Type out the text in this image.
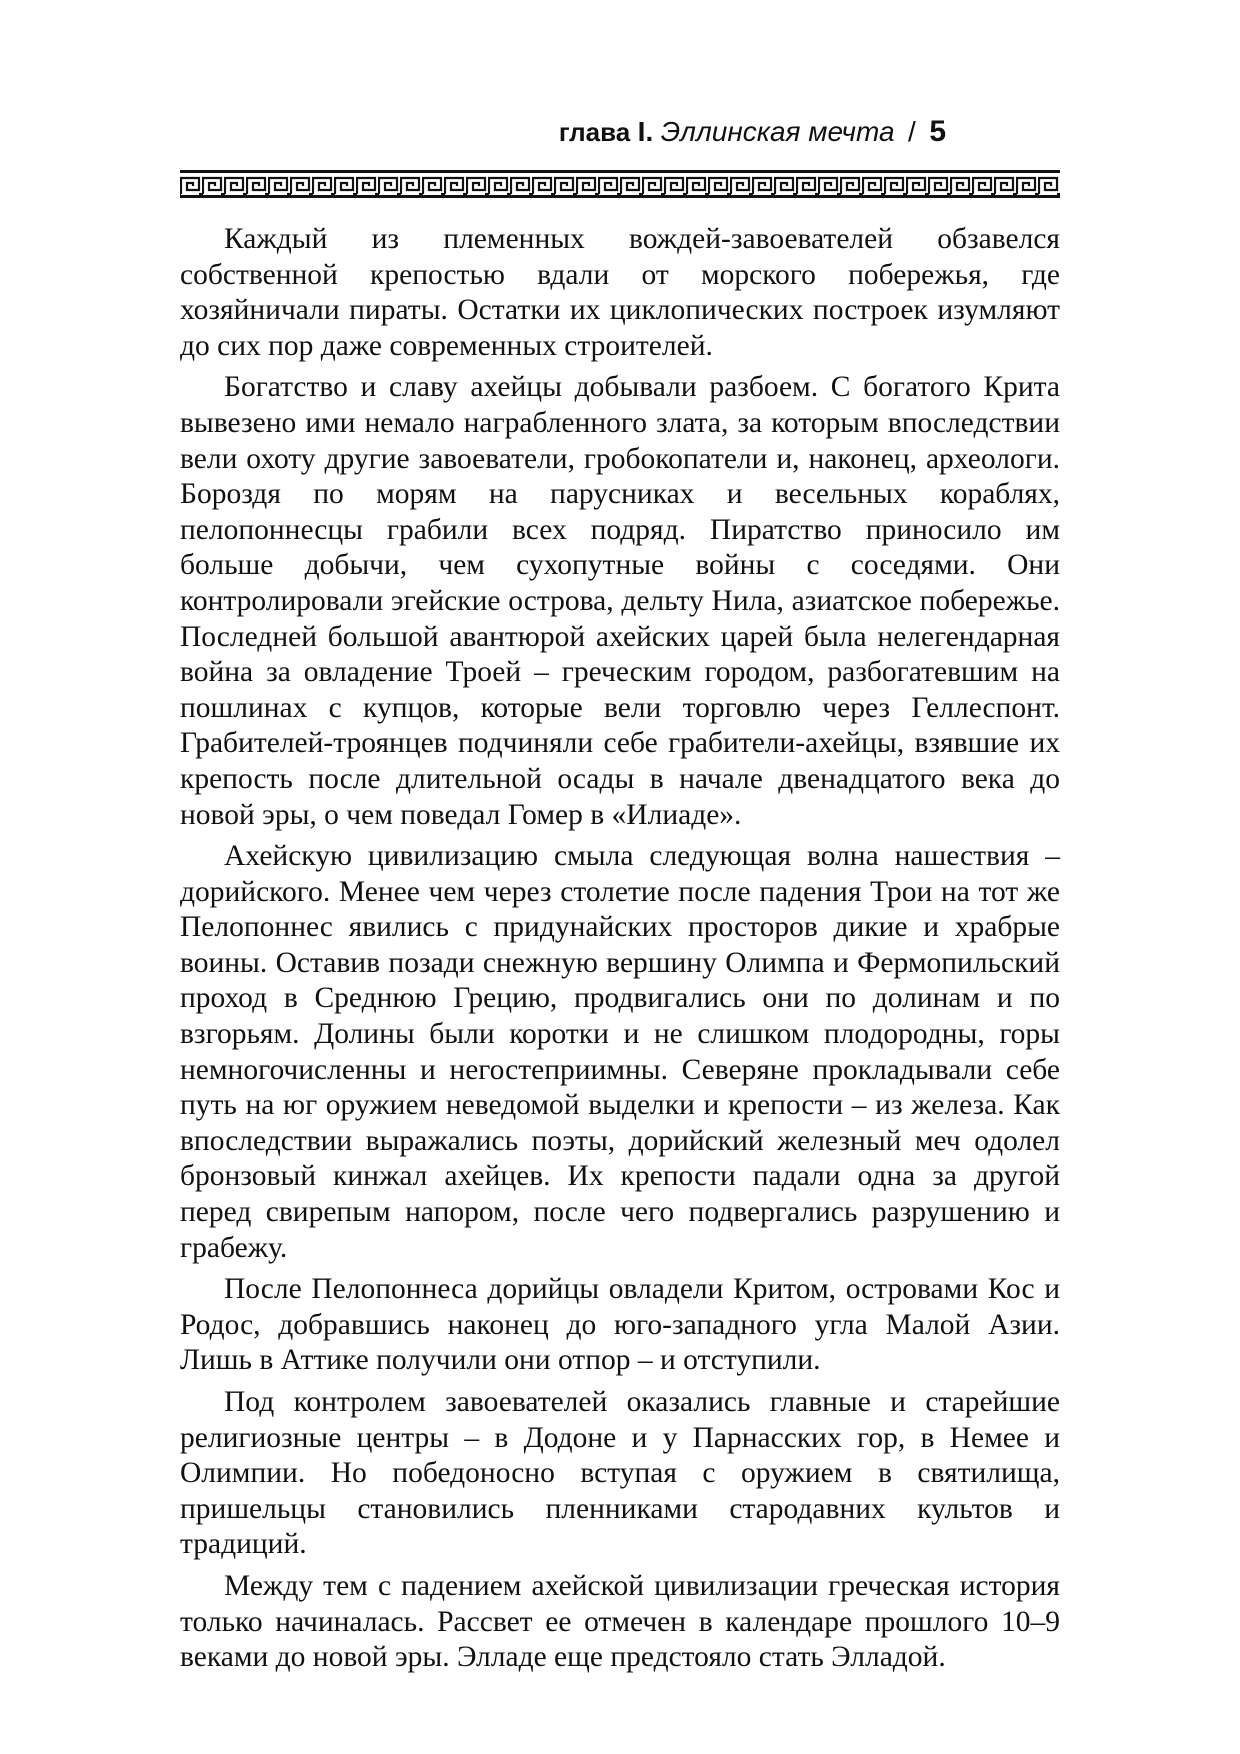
глава I. Эллинская мечта / 5

Каждый из племенных вождей-завоевателей обзавелся собственной крепостью вдали от морского побережья, где хозяйничали пираты. Остатки их циклопических построек изумляют до сих пор даже современных строителей.

Богатство и славу ахейцы добывали разбоем. С богатого Крита вывезено ими немало награбленного злата, за которым впоследствии вели охоту другие завоеватели, гробокопатели и, наконец, археологи. Бороздя по морям на парусниках и весельных кораблях, пелопоннесцы грабили всех подряд. Пиратство приносило им больше добычи, чем сухопутные войны с соседями. Они контролировали эгейские острова, дельту Нила, азиатское побережье. Последней большой авантюрой ахейских царей была нелегендарная война за овладение Троей – греческим городом, разбогатевшим на пошлинах с купцов, которые вели торговлю через Геллеспонт. Грабителей-троянцев подчиняли себе грабители-ахейцы, взявшие их крепость после длительной осады в начале двенадцатого века до новой эры, о чем поведал Гомер в «Илиаде».

Ахейскую цивилизацию смыла следующая волна нашествия – дорийского. Менее чем через столетие после падения Трои на тот же Пелопоннес явились с придунайских просторов дикие и храбрые воины. Оставив позади снежную вершину Олимпа и Фермопильский проход в Среднюю Грецию, продвигались они по долинам и по взгорьям. Долины были коротки и не слишком плодородны, горы немногочисленны и негостеприимны. Северяне прокладывали себе путь на юг оружием неведомой выделки и крепости – из железа. Как впоследствии выражались поэты, дорийский железный меч одолел бронзовый кинжал ахейцев. Их крепости падали одна за другой перед свирепым напором, после чего подвергались разрушению и грабежу.

После Пелопоннеса дорийцы овладели Критом, островами Кос и Родос, добравшись наконец до юго-западного угла Малой Азии. Лишь в Аттике получили они отпор – и отступили.

Под контролем завоевателей оказались главные и старейшие религиозные центры – в Додоне и у Парнасских гор, в Немее и Олимпии. Но победоносно вступая с оружием в святилища, пришельцы становились пленниками стародавних культов и традиций.

Между тем с падением ахейской цивилизации греческая история только начиналась. Рассвет ее отмечен в календаре прошлого 10–9 веками до новой эры. Элладе еще предстояло стать Элладой.
